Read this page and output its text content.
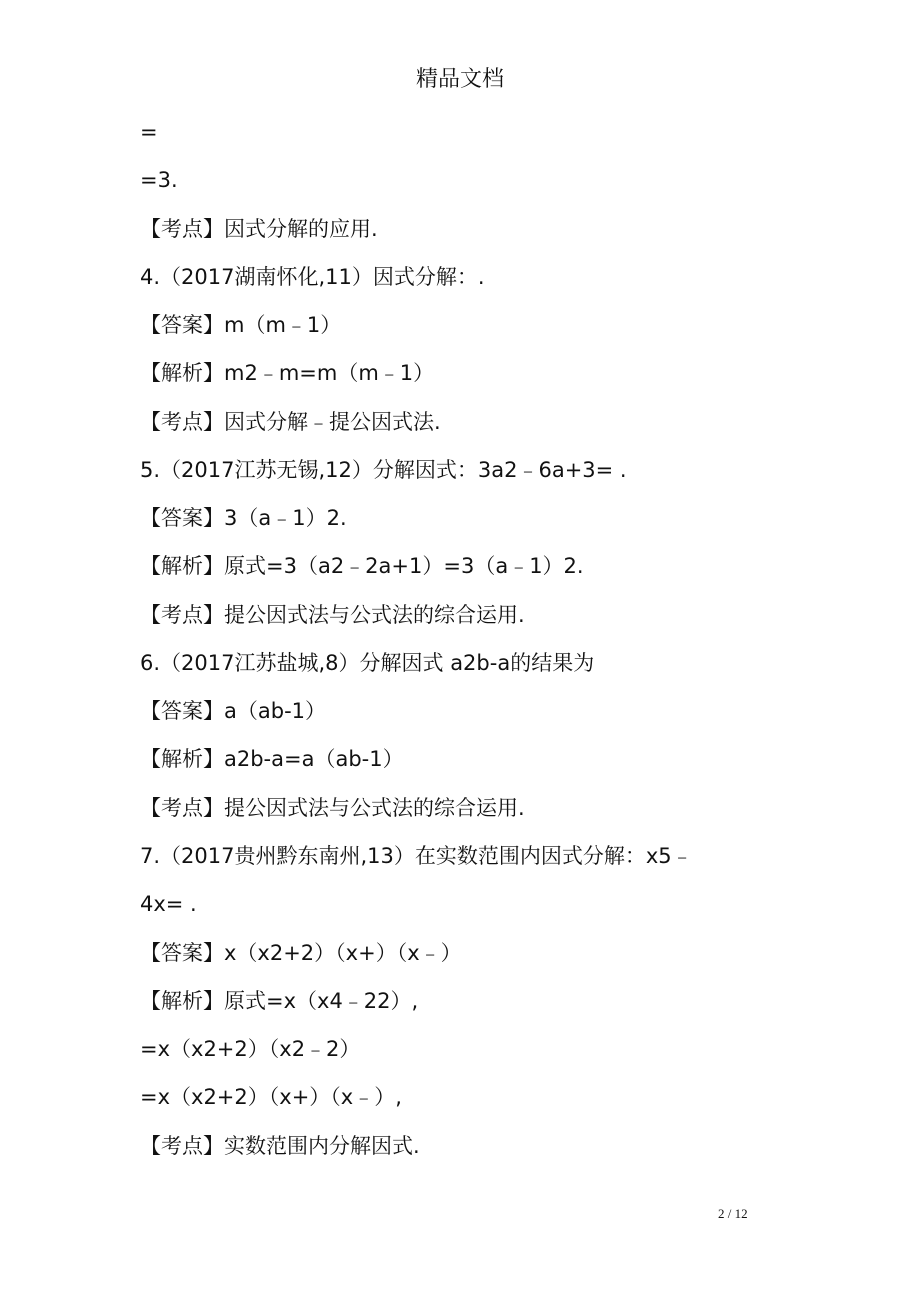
精品文档
=
=3.
【考点】因式分解的应用.
4.（2017湖南怀化,11）因式分解：.
【答案】m（m﹣1）
【解析】m2﹣m=m（m﹣1）
【考点】因式分解﹣提公因式法.
5.（2017江苏无锡,12）分解因式：3a2﹣6a+3= .
【答案】3（a﹣1）2.
【解析】原式=3（a2﹣2a+1）=3（a﹣1）2.
【考点】提公因式法与公式法的综合运用.
6.（2017江苏盐城,8）分解因式 a2b-a的结果为
【答案】a（ab-1）
【解析】a2b-a=a（ab-1）
【考点】提公因式法与公式法的综合运用.
7.（2017贵州黔东南州,13）在实数范围内因式分解：x5﹣
4x= .
【答案】x（x2+2）（x+）（x﹣）
【解析】原式=x（x4﹣22）,
=x（x2+2）（x2﹣2）
=x（x2+2）（x+）（x﹣）,
【考点】实数范围内分解因式.
2 / 12
